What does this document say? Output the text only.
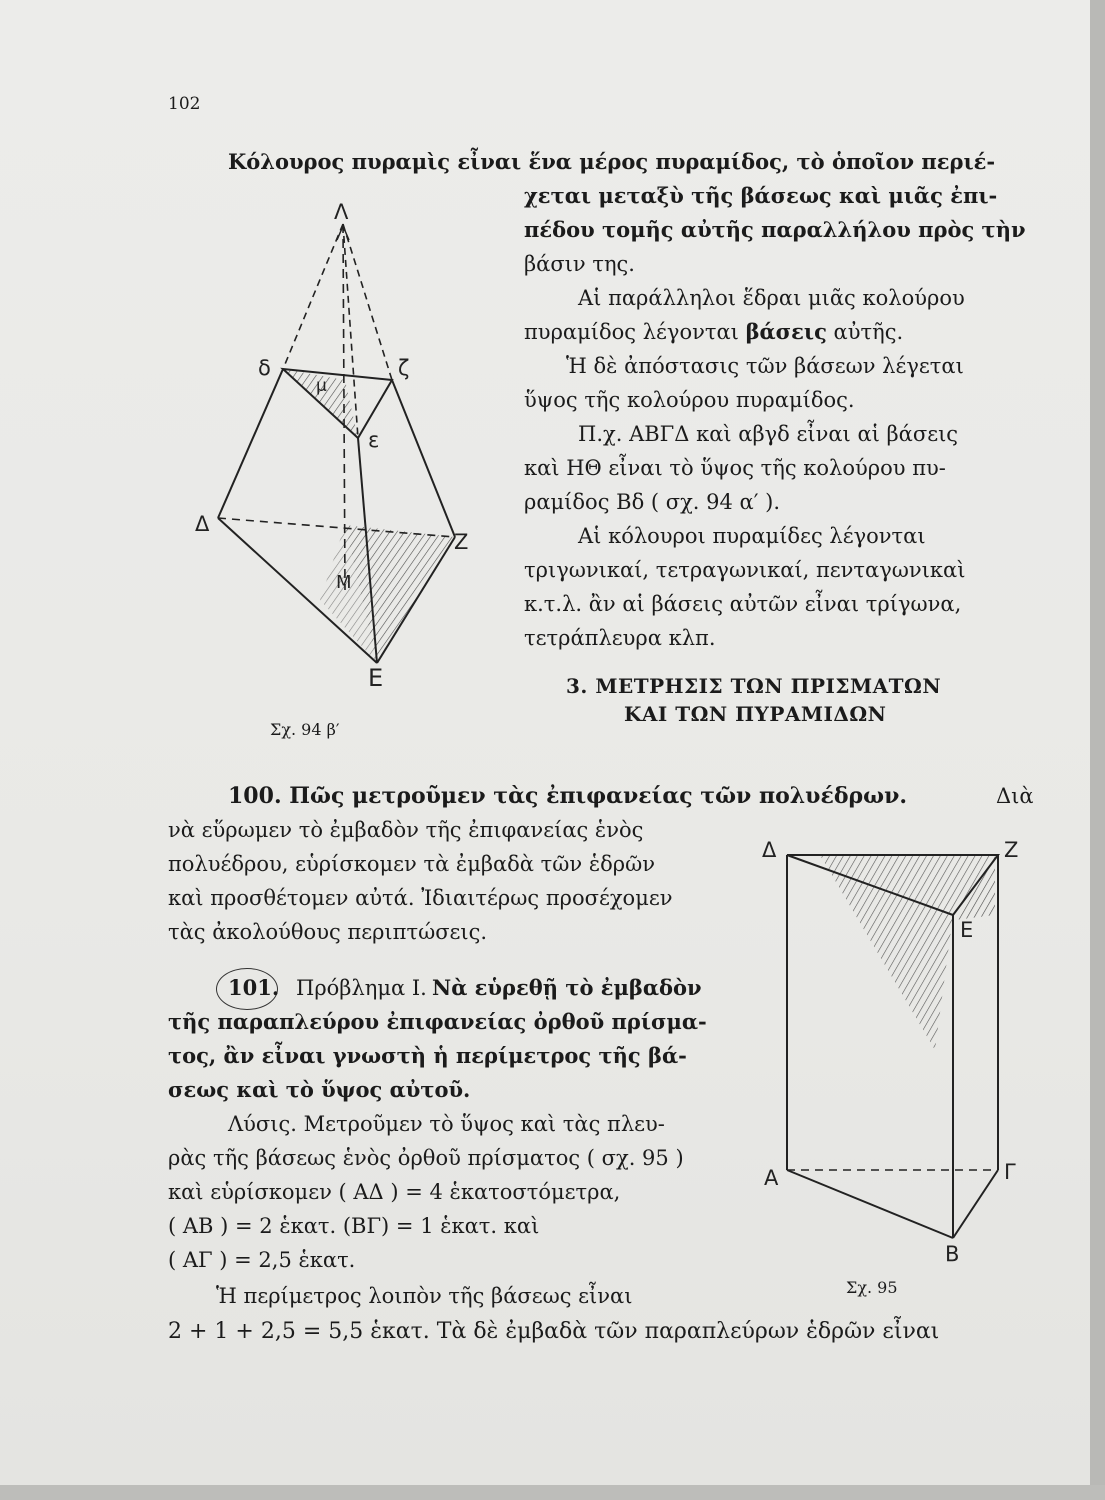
102
Κόλουρος πυραμὶς εἶναι ἕνα μέρος πυραμίδος, τὸ ὁποῖον περιέ-
χεται μεταξὺ τῆς βάσεως καὶ μιᾶς ἐπι-
πέδου τομῆς αὐτῆς παραλλήλου πρὸς τὴν
βάσιν της.
Αἱ παράλληλοι ἕδραι μιᾶς κολούρου
πυραμίδος λέγονται βάσεις αὐτῆς.
Ἡ δὲ ἀπόστασις τῶν βάσεων λέγεται
ὕψος τῆς κολούρου πυραμίδος.
Π.χ. ΑΒΓΔ καὶ αβγδ εἶναι αἱ βάσεις
καὶ ΗΘ εἶναι τὸ ὕψος τῆς κολούρου πυ-
ραμίδος Βδ ( σχ. 94 α′ ).
Αἱ κόλουροι πυραμίδες λέγονται
τριγωνικαί, τετραγωνικαί, πενταγωνικαὶ
κ.τ.λ. ἂν αἱ βάσεις αὐτῶν εἶναι τρίγωνα,
τετράπλευρα κλπ.
3. ΜΕΤΡΗΣΙΣ ΤΩΝ ΠΡΙΣΜΑΤΩΝ
ΚΑΙ ΤΩΝ ΠΥΡΑΜΙΔΩΝ
Λ
δ
μ
ζ
ε
Δ
Ζ
Μ
Ε
Σχ. 94 β′
100. Πῶς μετροῦμεν τὰς ἐπιφανείας τῶν πολυέδρων.	Διὰ
νὰ εὕρωμεν τὸ ἐμβαδὸν τῆς ἐπιφανείας ἑνὸς
πολυέδρου, εὑρίσκομεν τὰ ἐμβαδὰ τῶν ἑδρῶν
καὶ προσθέτομεν αὐτά. Ἰδιαιτέρως προσέχομεν
τὰς ἀκολούθους περιπτώσεις.
101. Πρόβλημα Ι. Νὰ εὑρεθῇ τὸ ἐμβαδὸν
τῆς παραπλεύρου ἐπιφανείας ὀρθοῦ πρίσμα-
τος, ἂν εἶναι γνωστὴ ἡ περίμετρος τῆς βά-
σεως καὶ τὸ ὕψος αὐτοῦ.
Λύσις. Μετροῦμεν τὸ ὕψος καὶ τὰς πλευ-
ρὰς τῆς βάσεως ἑνὸς ὀρθοῦ πρίσματος ( σχ. 95 )
καὶ εὑρίσκομεν ( ΑΔ ) = 4 ἑκατοστόμετρα,
( ΑΒ ) = 2 ἑκατ. (ΒΓ) = 1 ἑκατ. καὶ
( ΑΓ ) = 2,5 ἑκατ.
Ἡ περίμετρος λοιπὸν τῆς βάσεως εἶναι
2 + 1 + 2,5 = 5,5 ἑκατ. Τὰ δὲ ἐμβαδὰ τῶν παραπλεύρων ἑδρῶν εἶναι
Δ	Ζ
Ε
Α	Γ
Β
Σχ. 95
